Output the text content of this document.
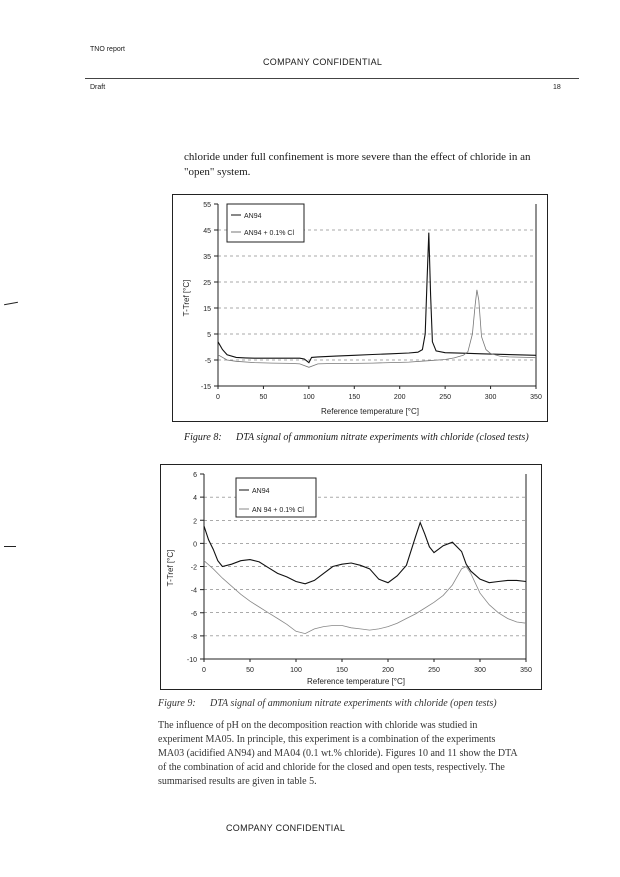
TNO report
COMPANY CONFIDENTIAL
Draft	18
chloride under full confinement is more severe than the effect of chloride in an "open" system.
55
45
35
25
15
5
-5
-15
0	50	100	150	200	250	300	350
AN94
AN94 + 0.1% Cl
Reference temperature [°C]
T-Tref [°C]
Figure 8: DTA signal of ammonium nitrate experiments with chloride (closed tests)
6
4
2
0
-2
-4
-6
-8
-10
0	50	100	150	200	250	300	350
AN94
AN 94 + 0.1% Cl
Reference temperature [°C]
T-Tref [°C]
Figure 9: DTA signal of ammonium nitrate experiments with chloride (open tests)
The influence of pH on the decomposition reaction with chloride was studied in experiment MA05. In principle, this experiment is a combination of the experiments MA03 (acidified AN94) and MA04 (0.1 wt.% chloride). Figures 10 and 11 show the DTA of the combination of acid and chloride for the closed and open tests, respectively. The summarised results are given in table 5.
COMPANY CONFIDENTIAL
